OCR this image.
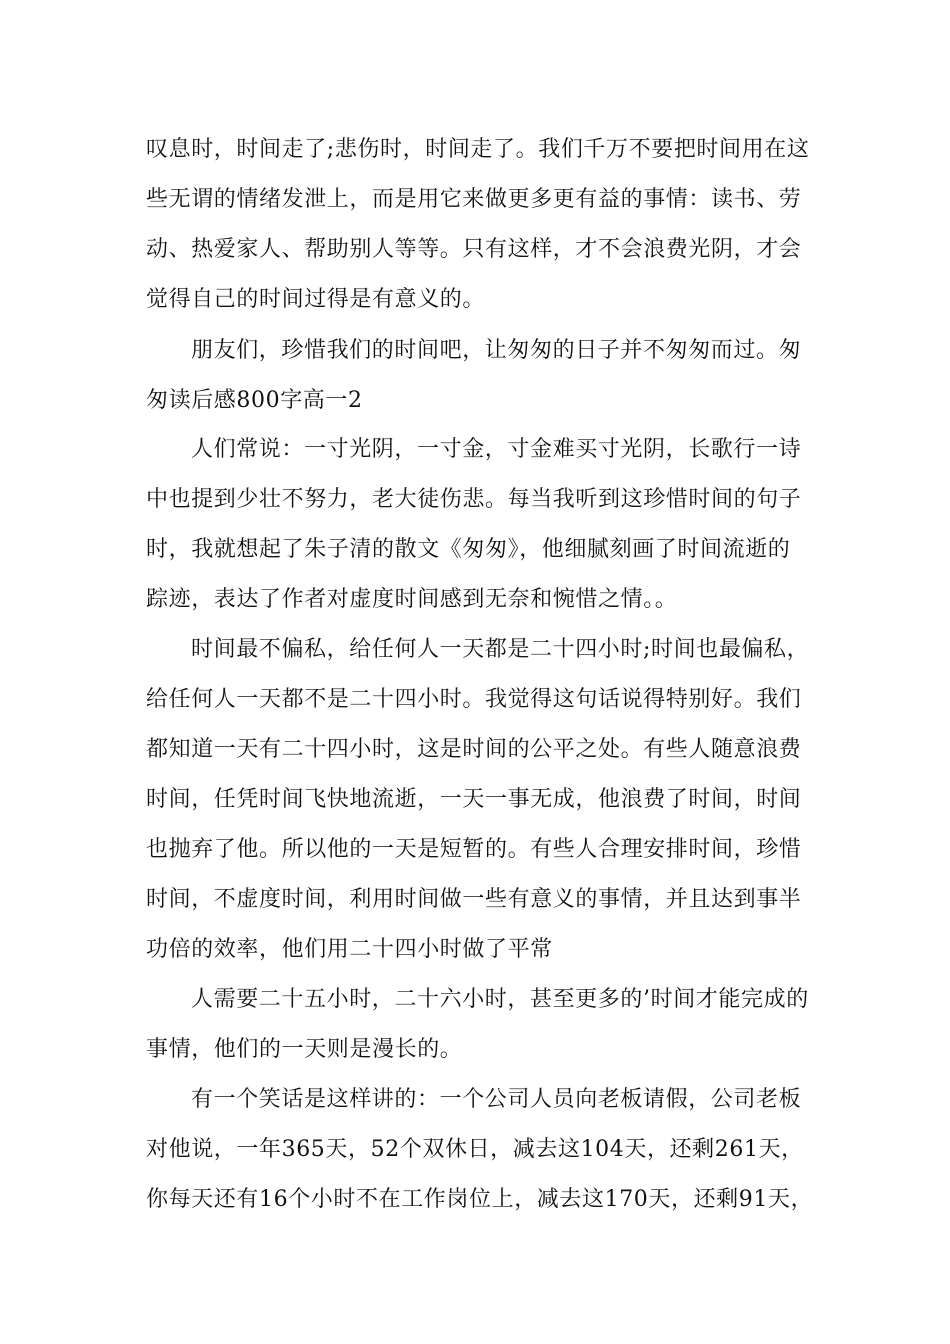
叹息时，时间走了;悲伤时，时间走了。我们千万不要把时间用在这
些无谓的情绪发泄上，而是用它来做更多更有益的事情：读书、劳
动、热爱家人、帮助别人等等。只有这样，才不会浪费光阴，才会
觉得自己的时间过得是有意义的。
朋友们，珍惜我们的时间吧，让匆匆的日子并不匆匆而过。匆
匆读后感800字高一2
人们常说：一寸光阴，一寸金，寸金难买寸光阴，长歌行一诗
中也提到少壮不努力，老大徒伤悲。每当我听到这珍惜时间的句子
时，我就想起了朱子清的散文《匆匆》，他细腻刻画了时间流逝的
踪迹，表达了作者对虚度时间感到无奈和惋惜之情。。
时间最不偏私，给任何人一天都是二十四小时;时间也最偏私，
给任何人一天都不是二十四小时。我觉得这句话说得特别好。我们
都知道一天有二十四小时，这是时间的公平之处。有些人随意浪费
时间，任凭时间飞快地流逝，一天一事无成，他浪费了时间，时间
也抛弃了他。所以他的一天是短暂的。有些人合理安排时间，珍惜
时间，不虚度时间，利用时间做一些有意义的事情，并且达到事半
功倍的效率，他们用二十四小时做了平常
人需要二十五小时，二十六小时，甚至更多的’时间才能完成的
事情，他们的一天则是漫长的。
有一个笑话是这样讲的：一个公司人员向老板请假，公司老板
对他说，一年365天，52个双休日，减去这104天，还剩261天，
你每天还有16个小时不在工作岗位上，减去这170天，还剩91天，
